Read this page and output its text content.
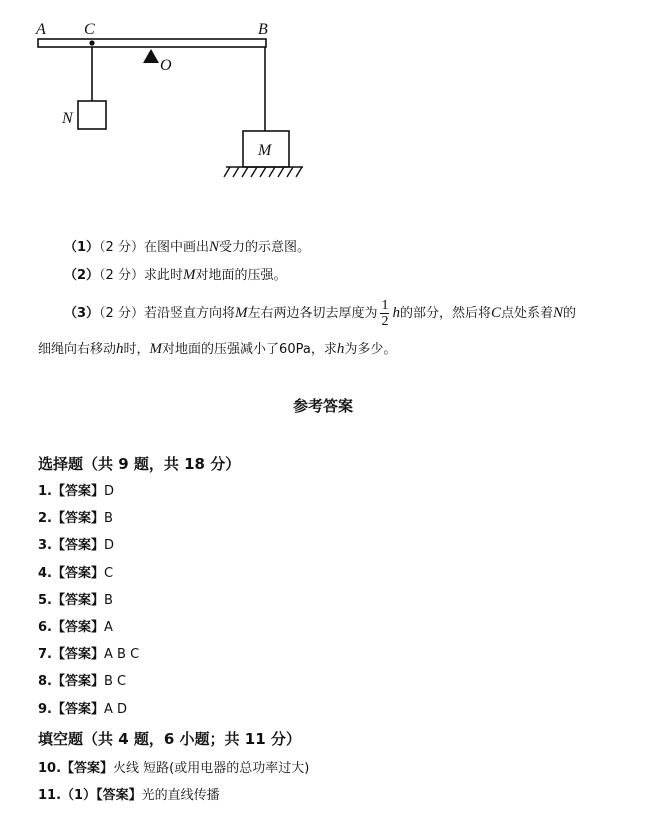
A C	B
N
O
M
（1）（2 分）在图中画出N受力的示意图。
（2）（2 分）求此时M对地面的压强。
（3）（2 分）若沿竖直方向将M左右两边各切去厚度为 $\frac{1}{2}$ h的部分，然后将C点处系着N的
细绳向右移动h时，M对地面的压强减小了60Pa，求h为多少。
参考答案
选择题（共 9 题，共 18 分）
1.【答案】D
2.【答案】B
3.【答案】D
4.【答案】C
5.【答案】B
6.【答案】A
7.【答案】A B C
8.【答案】B C
9.【答案】A D
填空题（共 4 题，6 小题；共 11 分）
10.【答案】火线 短路(或用电器的总功率过大)
11.（1）【答案】光的直线传播
